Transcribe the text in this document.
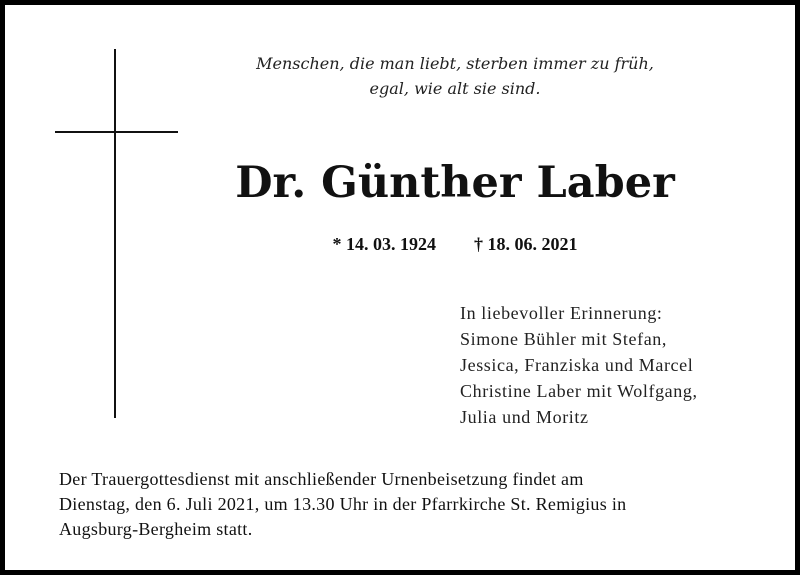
Menschen, die man liebt, sterben immer zu früh,
egal, wie alt sie sind.
Dr. Günther Laber
* 14. 03. 1924 † 18. 06. 2021
In liebevoller Erinnerung:
Simone Bühler mit Stefan,
Jessica, Franziska und Marcel
Christine Laber mit Wolfgang,
Julia und Moritz
Der Trauergottesdienst mit anschließender Urnenbeisetzung findet am
Dienstag, den 6. Juli 2021, um 13.30 Uhr in der Pfarrkirche St. Remigius in
Augsburg-Bergheim statt.
